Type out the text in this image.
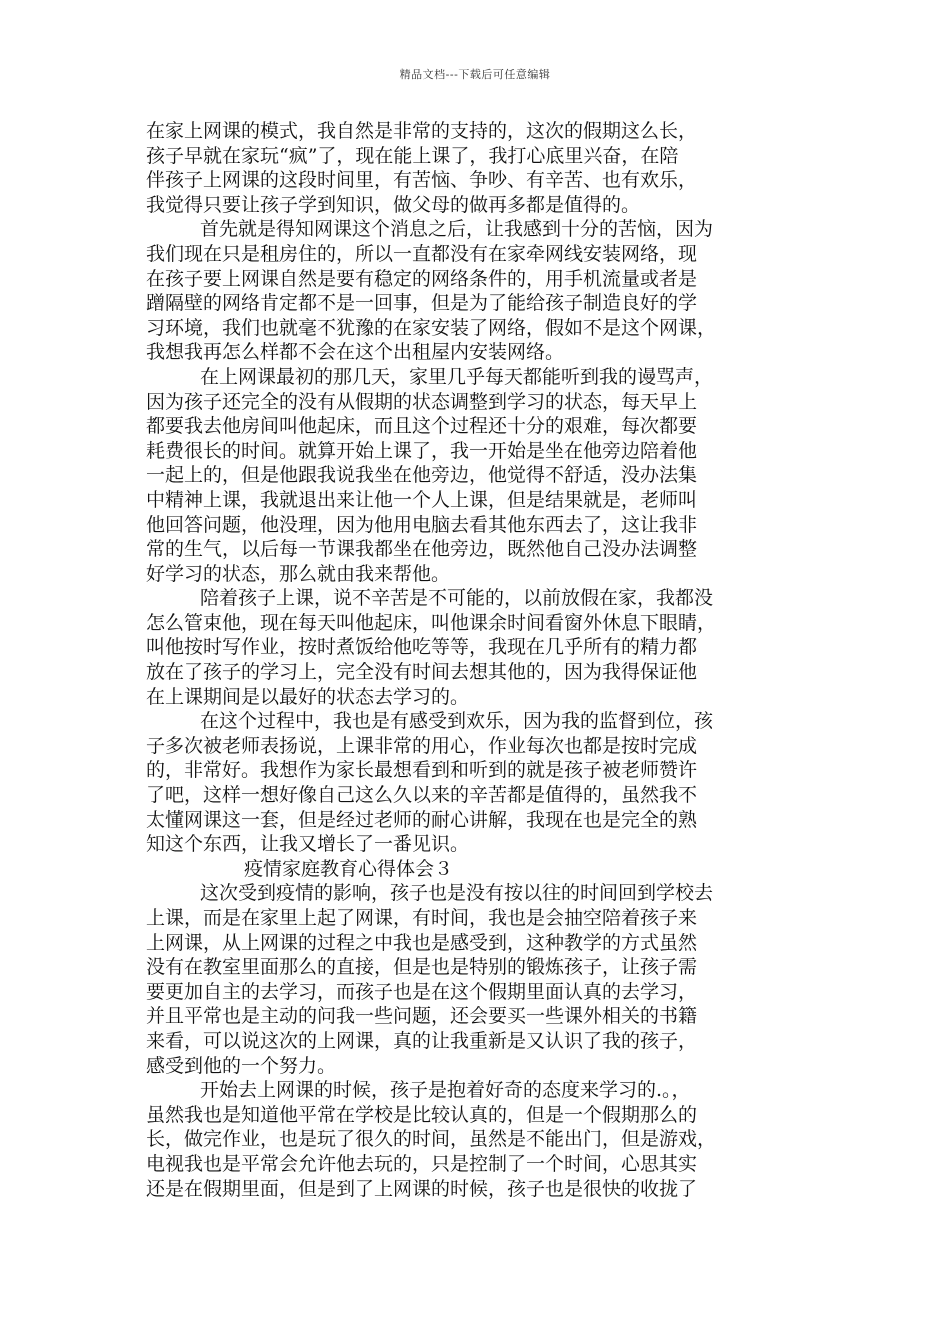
精品文档---下载后可任意编辑
在家上网课的模式，我自然是非常的支持的，这次的假期这么长，
孩子早就在家玩“疯”了，现在能上课了，我打心底里兴奋，在陪
伴孩子上网课的这段时间里，有苦恼、争吵、有辛苦、也有欢乐，
我觉得只要让孩子学到知识，做父母的做再多都是值得的。
首先就是得知网课这个消息之后，让我感到十分的苦恼，因为
我们现在只是租房住的，所以一直都没有在家牵网线安装网络，现
在孩子要上网课自然是要有稳定的网络条件的，用手机流量或者是
蹭隔壁的网络肯定都不是一回事，但是为了能给孩子制造良好的学
习环境，我们也就毫不犹豫的在家安装了网络，假如不是这个网课，
我想我再怎么样都不会在这个出租屋内安装网络。
在上网课最初的那几天，家里几乎每天都能听到我的谩骂声，
因为孩子还完全的没有从假期的状态调整到学习的状态，每天早上
都要我去他房间叫他起床，而且这个过程还十分的艰难，每次都要
耗费很长的时间。就算开始上课了，我一开始是坐在他旁边陪着他
一起上的，但是他跟我说我坐在他旁边，他觉得不舒适，没办法集
中精神上课，我就退出来让他一个人上课，但是结果就是，老师叫
他回答问题，他没理，因为他用电脑去看其他东西去了，这让我非
常的生气，以后每一节课我都坐在他旁边，既然他自己没办法调整
好学习的状态，那么就由我来帮他。
陪着孩子上课，说不辛苦是不可能的，以前放假在家，我都没
怎么管束他，现在每天叫他起床，叫他课余时间看窗外休息下眼睛，
叫他按时写作业，按时煮饭给他吃等等，我现在几乎所有的精力都
放在了孩子的学习上，完全没有时间去想其他的，因为我得保证他
在上课期间是以最好的状态去学习的。
在这个过程中，我也是有感受到欢乐，因为我的监督到位，孩
子多次被老师表扬说，上课非常的用心，作业每次也都是按时完成
的，非常好。我想作为家长最想看到和听到的就是孩子被老师赞许
了吧，这样一想好像自己这么久以来的辛苦都是值得的，虽然我不
太懂网课这一套，但是经过老师的耐心讲解，我现在也是完全的熟
知这个东西，让我又增长了一番见识。
疫情家庭教育心得体会３
这次受到疫情的影响，孩子也是没有按以往的时间回到学校去
上课，而是在家里上起了网课，有时间，我也是会抽空陪着孩子来
上网课，从上网课的过程之中我也是感受到，这种教学的方式虽然
没有在教室里面那么的直接，但是也是特别的锻炼孩子，让孩子需
要更加自主的去学习，而孩子也是在这个假期里面认真的去学习，
并且平常也是主动的问我一些问题，还会要买一些课外相关的书籍
来看，可以说这次的上网课，真的让我重新是又认识了我的孩子，
感受到他的一个努力。
开始去上网课的时候，孩子是抱着好奇的态度来学习的.。，
虽然我也是知道他平常在学校是比较认真的，但是一个假期那么的
长，做完作业，也是玩了很久的时间，虽然是不能出门，但是游戏，
电视我也是平常会允许他去玩的，只是控制了一个时间，心思其实
还是在假期里面，但是到了上网课的时候，孩子也是很快的收拢了
